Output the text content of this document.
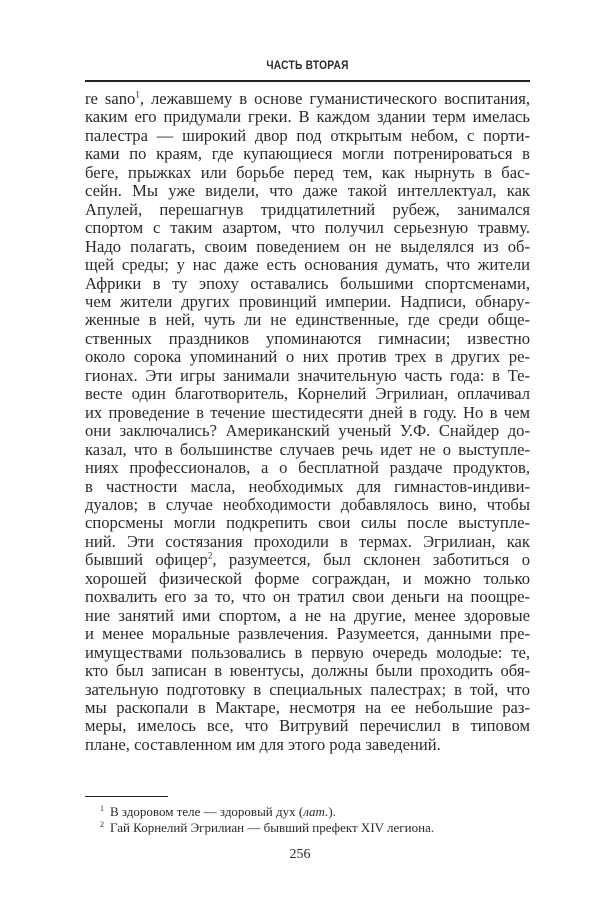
ЧАСТЬ ВТОРАЯ
re sano$^1$, лежавшему в основе гуманистического воспитания,
каким его придумали греки. В каждом здании терм имелась
палестра — широкий двор под открытым небом, с порти-
ками по краям, где купающиеся могли потренироваться в
беге, прыжках или борьбе перед тем, как нырнуть в бас-
сейн. Мы уже видели, что даже такой интеллектуал, как
Апулей, перешагнув тридцатилетний рубеж, занимался
спортом с таким азартом, что получил серьезную травму.
Надо полагать, своим поведением он не выделялся из об-
щей среды; у нас даже есть основания думать, что жители
Африки в ту эпоху оставались большими спортсменами,
чем жители других провинций империи. Надписи, обнару-
женные в ней, чуть ли не единственные, где среди обще-
ственных праздников упоминаются гимнасии; известно
около сорока упоминаний о них против трех в других ре-
гионах. Эти игры занимали значительную часть года: в Те-
весте один благотворитель, Корнелий Эгрилиан, оплачивал
их проведение в течение шестидесяти дней в году. Но в чем
они заключались? Американский ученый У.Ф. Снайдер до-
казал, что в большинстве случаев речь идет не о выступле-
ниях профессионалов, а о бесплатной раздаче продуктов,
в частности масла, необходимых для гимнастов-индиви-
дуалов; в случае необходимости добавлялось вино, чтобы
спорсмены могли подкрепить свои силы после выступле-
ний. Эти состязания проходили в термах. Эгрилиан, как
бывший офицер$^2$, разумеется, был склонен заботиться о
хорошей физической форме сограждан, и можно только
похвалить его за то, что он тратил свои деньги на поощре-
ние занятий ими спортом, а не на другие, менее здоровые
и менее моральные развлечения. Разумеется, данными пре-
имуществами пользовались в первую очередь молодые: те,
кто был записан в ювентусы, должны были проходить обя-
зательную подготовку в специальных палестрах; в той, что
мы раскопали в Мактаре, несмотря на ее небольшие раз-
меры, имелось все, что Витрувий перечислил в типовом
плане, составленном им для этого рода заведений.
$^1$ В здоровом теле — здоровый дух (лат.).
$^2$ Гай Корнелий Эгрилиан — бывший префект XIV легиона.
256
